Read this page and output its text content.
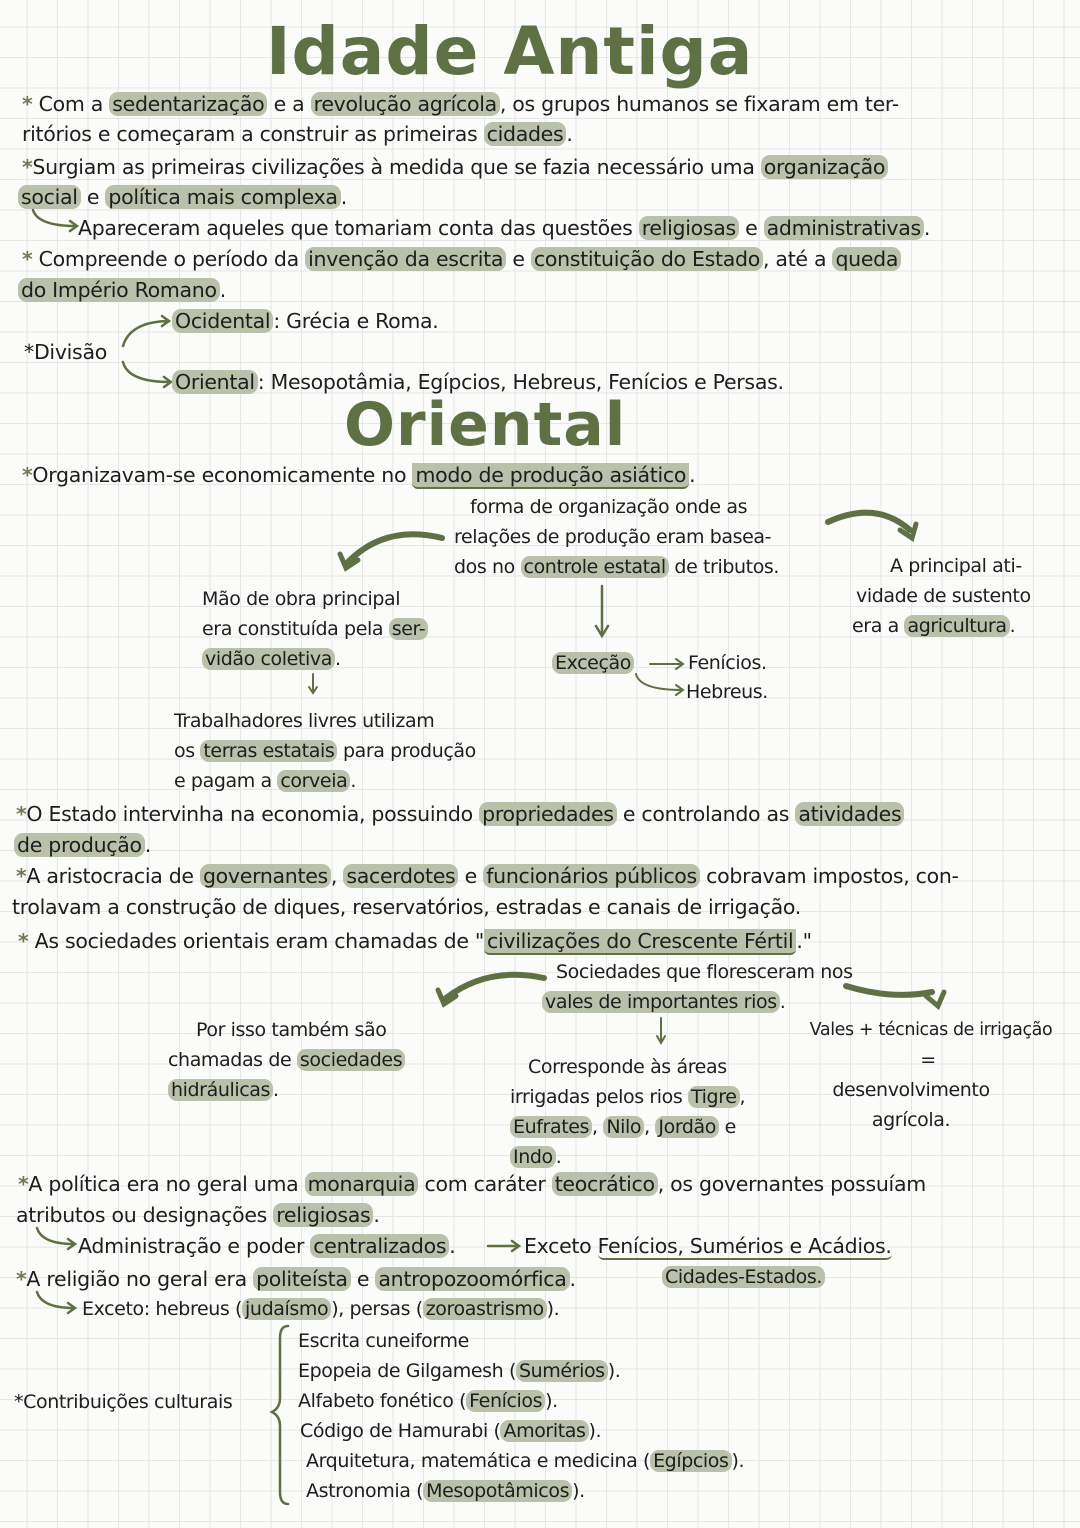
Idade Antiga
* Com a sedentarização e a revolução agrícola , os grupos humanos se fixaram em ter-
ritórios e começaram a construir as primeiras cidades .
*Surgiam as primeiras civilizações à medida que se fazia necessário uma organização
social e política mais complexa .
Apareceram aqueles que tomariam conta das questões religiosas e administrativas .
* Compreende o período da invenção da escrita e constituição do Estado , até a queda
do Império Romano .
*Divisão
Ocidental : Grécia e Roma.
Oriental : Mesopotâmia, Egípcios, Hebreus, Fenícios e Persas.
Oriental
*Organizavam-se economicamente no modo de produção asiático .
forma de organização onde as
relações de produção eram basea-
dos no controle estatal de tributos.
Mão de obra principal
era constituída pela ser-
vidão coletiva .
Trabalhadores livres utilizam
os terras estatais para produção
e pagam a corveia .
Exceção	Fenícios.
Hebreus.
A principal ati-
vidade de sustento
era a agricultura .
*O Estado intervinha na economia, possuindo propriedades e controlando as atividades
de produção .
*A aristocracia de governantes , sacerdotes e funcionários públicos cobravam impostos, con-
trolavam a construção de diques, reservatórios, estradas e canais de irrigação.
* As sociedades orientais eram chamadas de " civilizações do Crescente Fértil ."
Sociedades que floresceram nos
vales de importantes rios .
Por isso também são
chamadas de sociedades
hidráulicas .
Corresponde às áreas
irrigadas pelos rios Tigre ,
Eufrates , Nilo , Jordão e
Indo .
Vales + técnicas de irrigação
=
desenvolvimento
agrícola.
*A política era no geral uma monarquia com caráter teocrático , os governantes possuíam
atributos ou designações religiosas .
Administração e poder centralizados .	Exceto Fenícios, Sumérios e Acádios.
Cidades-Estados.
*A religião no geral era politeísta e antropozoomórfica .
Exceto: hebreus ( judaísmo ), persas ( zoroastrismo ).
*Contribuições culturais
Escrita cuneiforme
Epopeia de Gilgamesh ( Sumérios ).
Alfabeto fonético ( Fenícios ).
Código de Hamurabi ( Amoritas ).
Arquitetura, matemática e medicina ( Egípcios ).
Astronomia ( Mesopotâmicos ).
